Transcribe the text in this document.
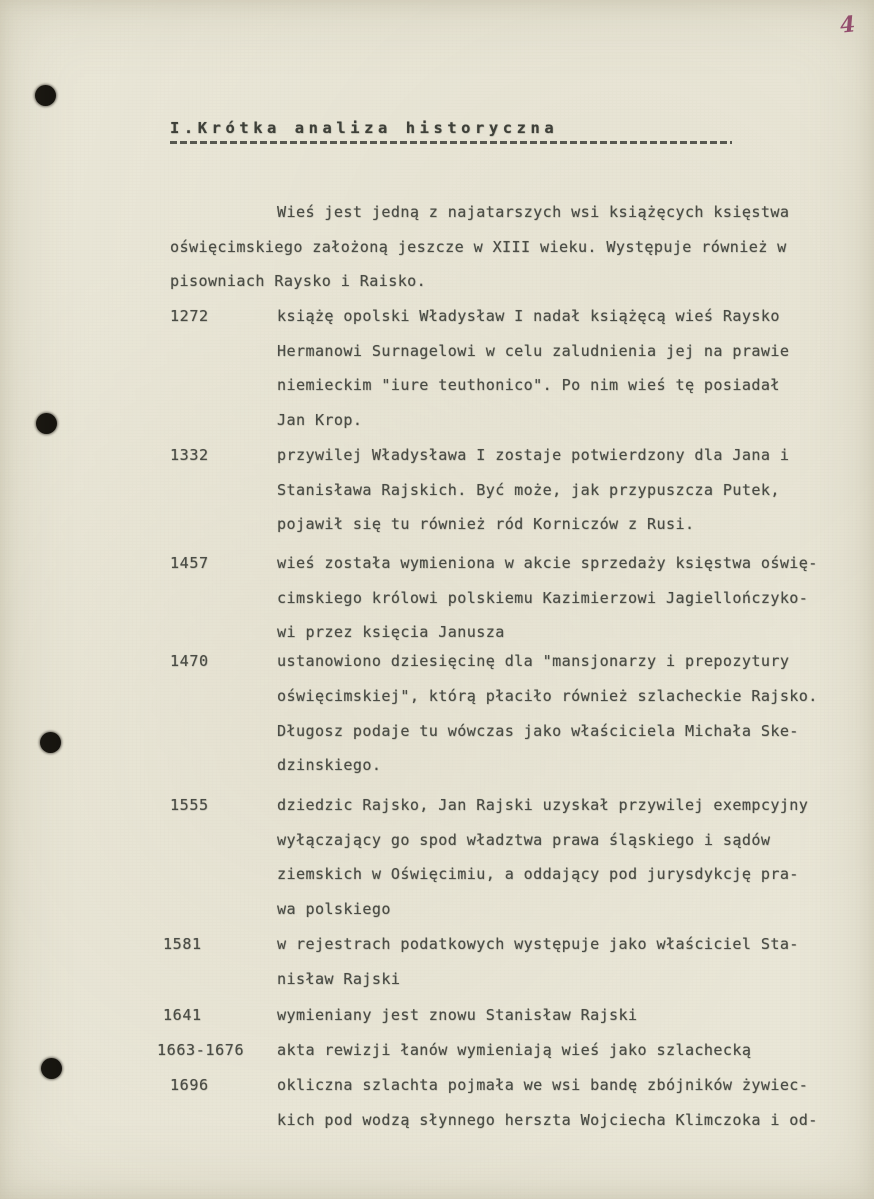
4
I.Krótka analiza historyczna
Wieś jest jedną z najatarszych wsi książęcych księstwa
oświęcimskiego założoną jeszcze w XIII wieku. Występuje również w
pisowniach Raysko i Raisko.
1272	książę opolski Władysław I nadał książęcą wieś Raysko
Hermanowi Surnagelowi w celu zaludnienia jej na prawie
niemieckim "iure teuthonico". Po nim wieś tę posiadał
Jan Krop.
1332	przywilej Władysława I zostaje potwierdzony dla Jana i
Stanisława Rajskich. Być może, jak przypuszcza Putek,
pojawił się tu również ród Korniczów z Rusi.
1457	wieś została wymieniona w akcie sprzedaży księstwa oświę-
cimskiego królowi polskiemu Kazimierzowi Jagiellończyko-
wi przez księcia Janusza
1470	ustanowiono dziesięcinę dla "mansjonarzy i prepozytury
oświęcimskiej", którą płaciło również szlacheckie Rajsko.
Długosz podaje tu wówczas jako właściciela Michała Ske-
dzinskiego.
1555	dziedzic Rajsko, Jan Rajski uzyskał przywilej exempcyjny
wyłączający go spod władztwa prawa śląskiego i sądów
ziemskich w Oświęcimiu, a oddający pod jurysdykcję pra-
wa polskiego
1581	w rejestrach podatkowych występuje jako właściciel Sta-
nisław Rajski
1641	wymieniany jest znowu Stanisław Rajski
1663-1676 akta rewizji łanów wymieniają wieś jako szlachecką
1696	okliczna szlachta pojmała we wsi bandę zbójników żywiec-
kich pod wodzą słynnego herszta Wojciecha Klimczoka i od-
